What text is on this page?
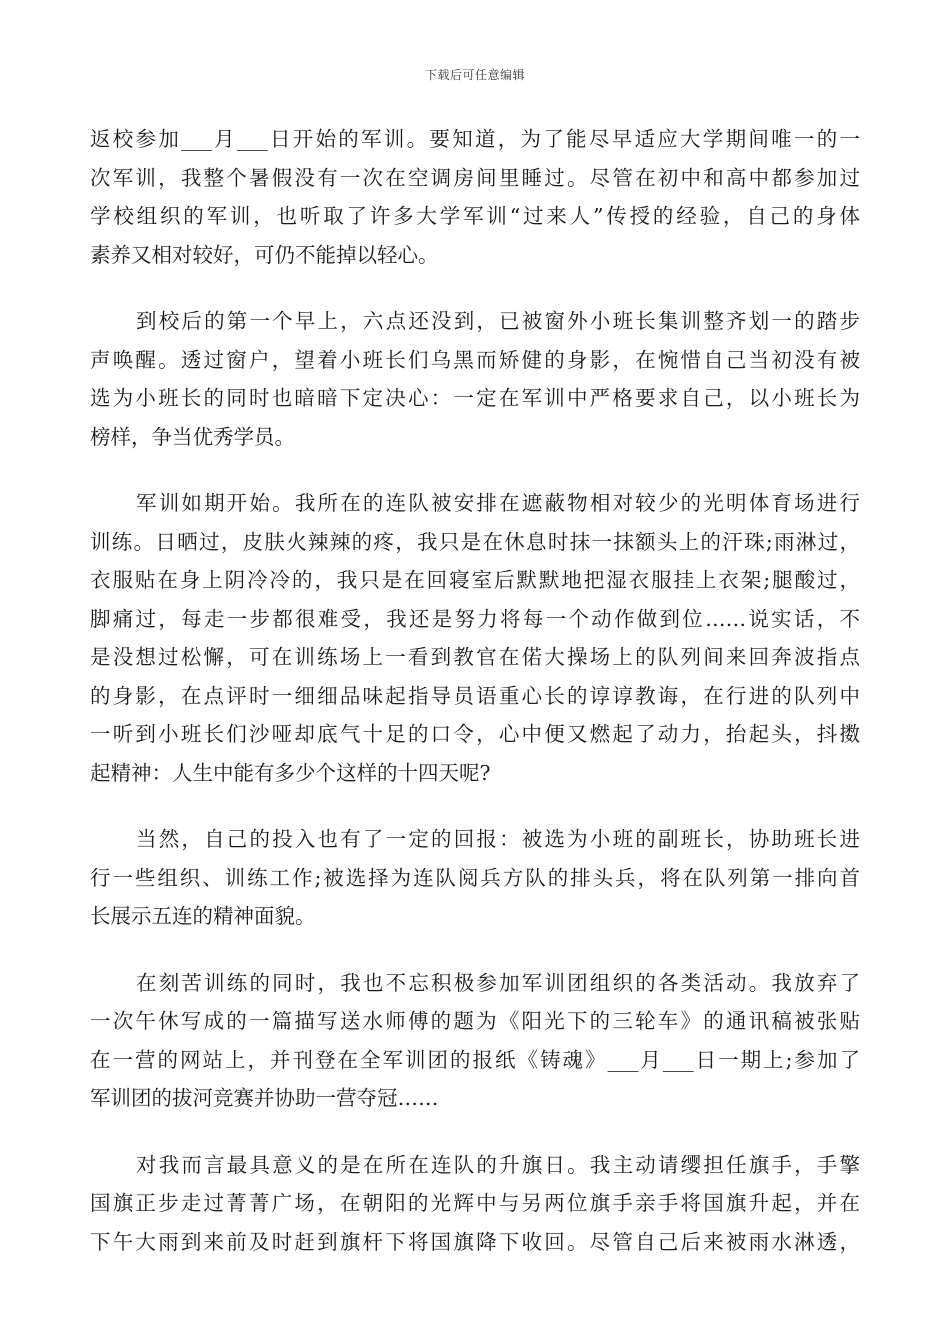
下载后可任意编辑

返校参加___月___日开始的军训。要知道，为了能尽早适应大学期间唯一的一
次军训，我整个暑假没有一次在空调房间里睡过。尽管在初中和高中都参加过
学校组织的军训，也听取了许多大学军训“过来人”传授的经验，自己的身体
素养又相对较好，可仍不能掉以轻心。

到校后的第一个早上，六点还没到，已被窗外小班长集训整齐划一的踏步
声唤醒。透过窗户，望着小班长们乌黑而矫健的身影，在惋惜自己当初没有被
选为小班长的同时也暗暗下定决心：一定在军训中严格要求自己，以小班长为
榜样，争当优秀学员。

军训如期开始。我所在的连队被安排在遮蔽物相对较少的光明体育场进行
训练。日晒过，皮肤火辣辣的疼，我只是在休息时抹一抹额头上的汗珠;雨淋过，
衣服贴在身上阴冷冷的，我只是在回寝室后默默地把湿衣服挂上衣架;腿酸过，
脚痛过，每走一步都很难受，我还是努力将每一个动作做到位……说实话，不
是没想过松懈，可在训练场上一看到教官在偌大操场上的队列间来回奔波指点
的身影，在点评时一细细品味起指导员语重心长的谆谆教诲，在行进的队列中
一听到小班长们沙哑却底气十足的口令，心中便又燃起了动力，抬起头，抖擞
起精神：人生中能有多少个这样的十四天呢?

当然，自己的投入也有了一定的回报：被选为小班的副班长，协助班长进
行一些组织、训练工作;被选择为连队阅兵方队的排头兵，将在队列第一排向首
长展示五连的精神面貌。

在刻苦训练的同时，我也不忘积极参加军训团组织的各类活动。我放弃了
一次午休写成的一篇描写送水师傅的题为《阳光下的三轮车》的通讯稿被张贴
在一营的网站上，并刊登在全军训团的报纸《铸魂》___月___日一期上;参加了
军训团的拔河竞赛并协助一营夺冠……

对我而言最具意义的是在所在连队的升旗日。我主动请缨担任旗手，手擎
国旗正步走过菁菁广场，在朝阳的光辉中与另两位旗手亲手将国旗升起，并在
下午大雨到来前及时赶到旗杆下将国旗降下收回。尽管自己后来被雨水淋透，
